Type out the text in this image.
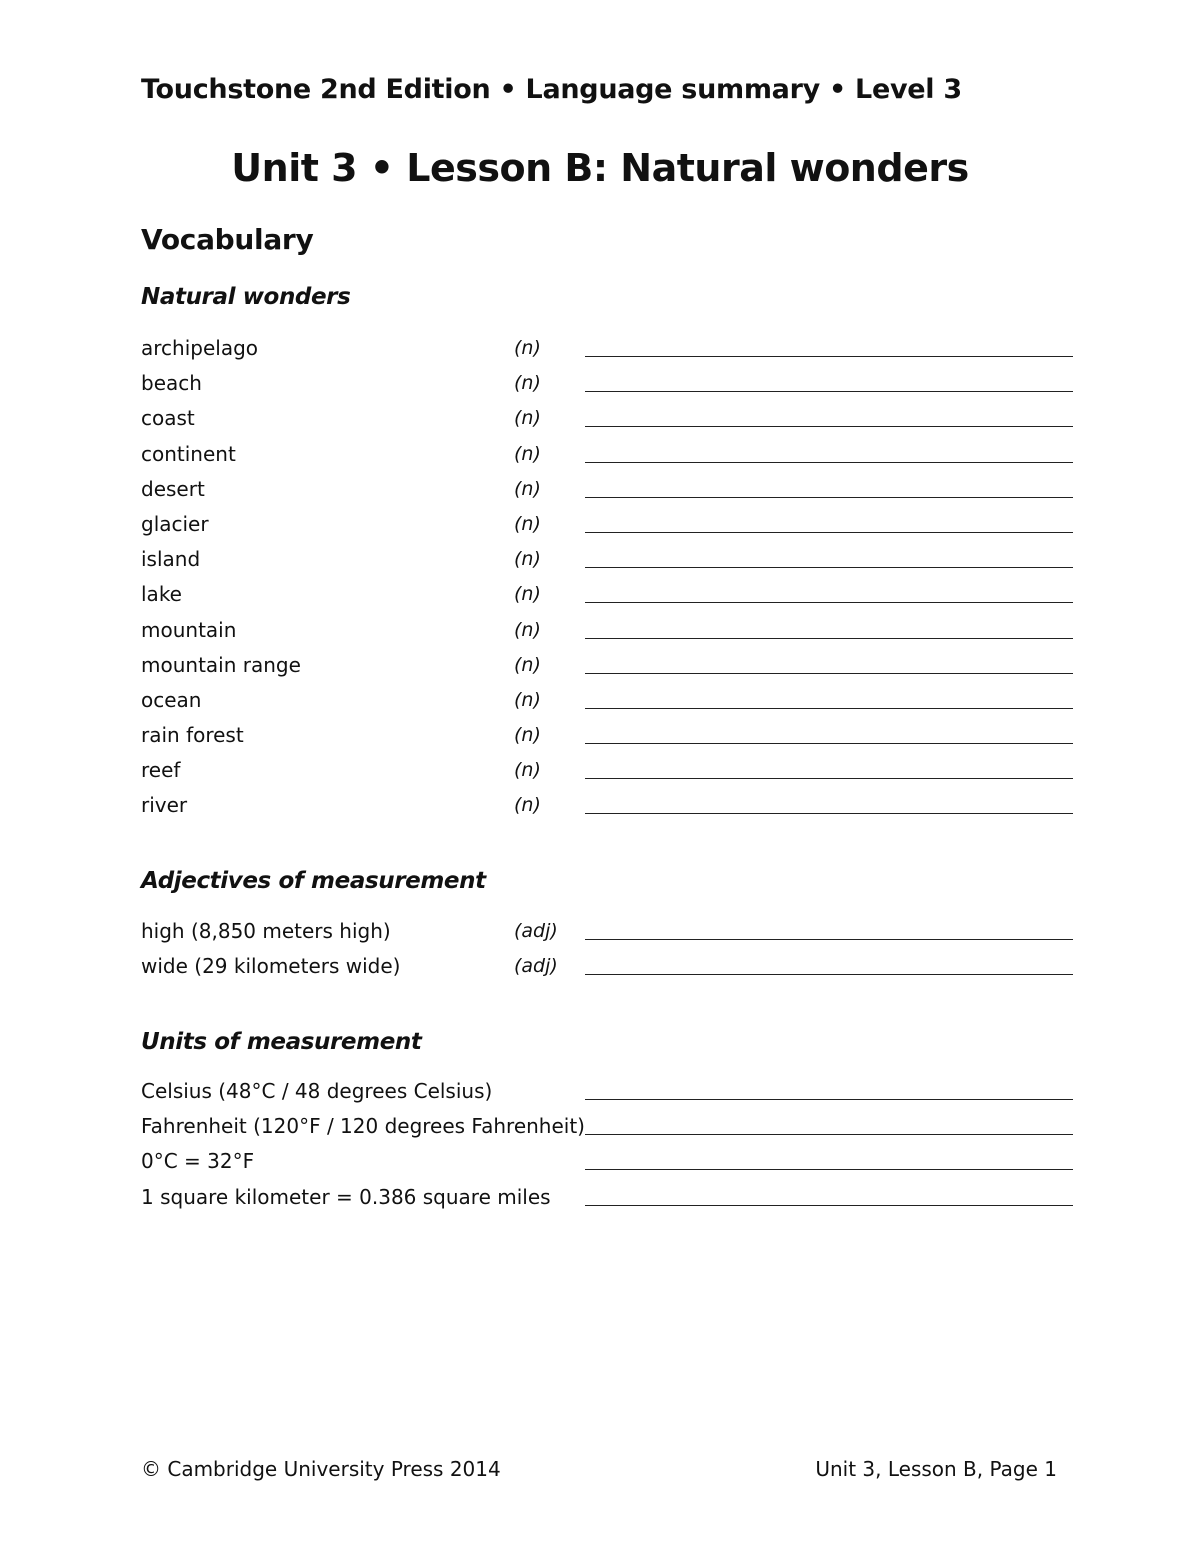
Touchstone 2nd Edition • Language summary • Level 3
Unit 3 • Lesson B: Natural wonders
Vocabulary
Natural wonders
archipelago	(n)
beach	(n)
coast	(n)
continent	(n)
desert	(n)
glacier	(n)
island	(n)
lake	(n)
mountain	(n)
mountain range	(n)
ocean	(n)
rain forest	(n)
reef	(n)
river	(n)
Adjectives of measurement
high (8,850 meters high)	(adj)
wide (29 kilometers wide)	(adj)
Units of measurement
Celsius (48°C / 48 degrees Celsius)
Fahrenheit (120°F / 120 degrees Fahrenheit)
0°C = 32°F
1 square kilometer = 0.386 square miles
© Cambridge University Press 2014	Unit 3, Lesson B, Page 1
